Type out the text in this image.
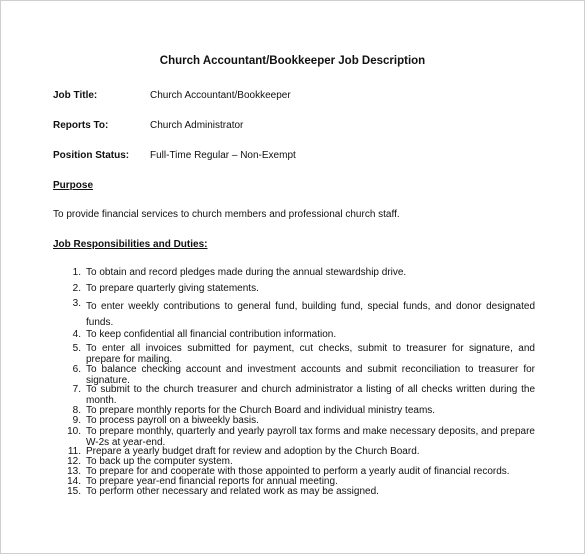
Church Accountant/Bookkeeper Job Description
Job Title:	Church Accountant/Bookkeeper
Reports To:	Church Administrator
Position Status: Full-Time Regular – Non-Exempt
Purpose
To provide financial services to church members and professional church staff.
Job Responsibilities and Duties:
1. To obtain and record pledges made during the annual stewardship drive.
2. To prepare quarterly giving statements.
3. To enter weekly contributions to general fund, building fund, special funds, and donor designated funds.
4. To keep confidential all financial contribution information.
5. To enter all invoices submitted for payment, cut checks, submit to treasurer for signature, and prepare for mailing.
6. To balance checking account and investment accounts and submit reconciliation to treasurer for signature.
7. To submit to the church treasurer and church administrator a listing of all checks written during the month.
8. To prepare monthly reports for the Church Board and individual ministry teams.
9. To process payroll on a biweekly basis.
10. To prepare monthly, quarterly and yearly payroll tax forms and make necessary deposits, and prepare W-2s at year-end.
11. Prepare a yearly budget draft for review and adoption by the Church Board.
12. To back up the computer system.
13. To prepare for and cooperate with those appointed to perform a yearly audit of financial records.
14. To prepare year-end financial reports for annual meeting.
15. To perform other necessary and related work as may be assigned.
